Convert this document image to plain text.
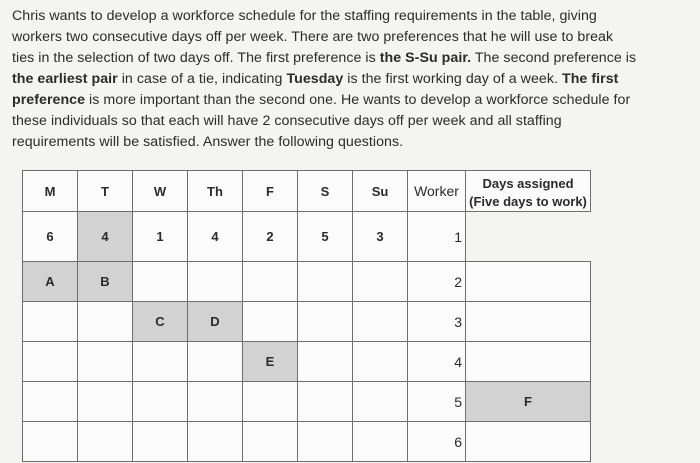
Chris wants to develop a workforce schedule for the staffing requirements in the table, giving
workers two consecutive days off per week. There are two preferences that he will use to break
ties in the selection of two days off. The first preference is the S-Su pair. The second preference is
the earliest pair in case of a tie, indicating Tuesday is the first working day of a week. The first
preference is more important than the second one. He wants to develop a workforce schedule for
these individuals so that each will have 2 consecutive days off per week and all staffing
requirements will be satisfied. Answer the following questions.
M	T	W	Th	F	S	Su	Worker	Days assigned
(Five days to work)

6	4	1	4	2	5	3	1	
A	B						2	
		C	D				3	
				E			4	
							5	F
							6	
